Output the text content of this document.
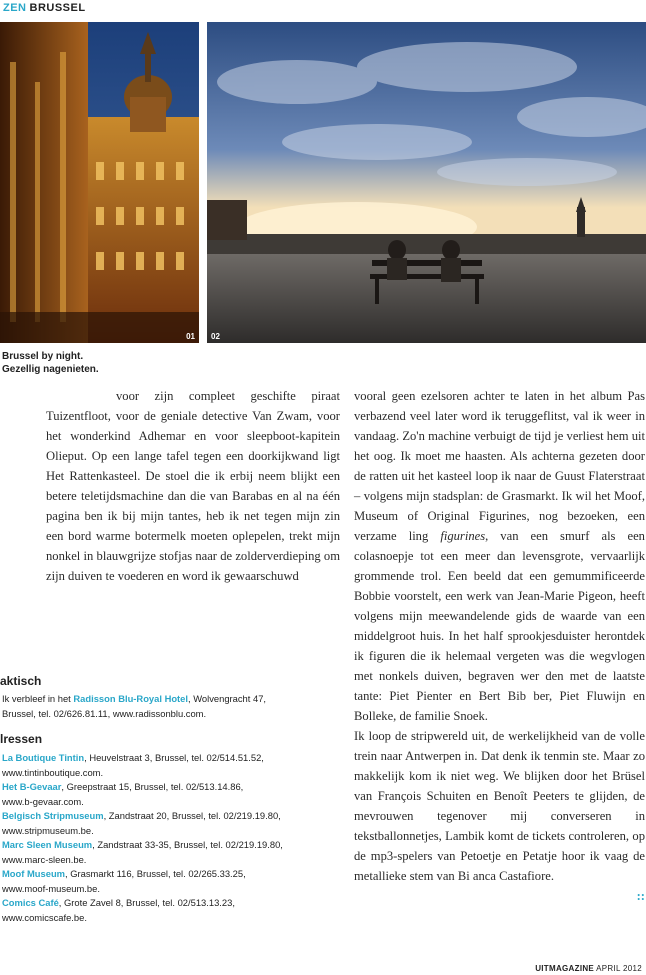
ZEN BRUSSEL
01 02
Brussel by night.
Gezellig nagenieten.

voor zijn compleet geschifte piraat Tuizentfloot, voor de geniale detective Van Zwam, voor het wonderkind Adhemar en voor sleepboot-kapitein Olieput. Op een lange tafel tegen een doorkijkwand ligt Het Rattenkasteel. De stoel die ik erbij neem blijkt een betere teletijdsmachine dan die van Barabas en al na één pagina ben ik bij mijn tantes, heb ik net tegen mijn zin een bord warme botermelk moeten oplepelen, trekt mijn nonkel in blauwgrijze stofjas naar de zolderverdieping om zijn duiven te voederen en word ik gewaarschuwd

vooral geen ezelsoren achter te laten in het album Pas verbazend veel later word ik teruggeflitst, val ik weer in vandaag. Zo'n machine verbuigt de tijd je verliest hem uit het oog. Ik moet me haasten. Als achterna gezeten door de ratten uit het kasteel loop ik naar de Guust Flaterstraat – volgens mijn stadsplan: de Grasmarkt. Ik wil het Moof, Museum of Original Figurines, nog bezoeken, een verzame ling figurines, van een smurf als een colasnoepje tot een meer dan levensgrote, vervaarlijk grommende trol. Een beeld dat een gemummificeerde Bobbie voorstelt, een werk van Jean-Marie Pigeon, heeft volgens mijn meewandelende gids de waarde van een middelgroot huis. In het half sprookjesduister herontdek ik figuren die ik helemaal vergeten was die wegvlogen met nonkels duiven, begraven wer den met de laatste tante: Piet Pienter en Bert Bib ber, Piet Fluwijn en Bolleke, de familie Snoek.

Ik loop de stripwereld uit, de werkelijkheid van de volle trein naar Antwerpen in. Dat denk ik tenmin ste. Maar zo makkelijk kom ik niet weg. We blijken door het Brüsel van François Schuiten en Benoît Peeters te glijden, de mevrouwen tegenover mij converseren in tekstballonnetjes, Lambik komt de tickets controleren, op de mp3-spelers van Petoetje en Petatje hoor ik vaag de metallieke stem van Bi anca Castafiore.

::
aktisch
Ik verbleef in het Radisson Blu-Royal Hotel, Wolvengracht 47, Brussel, tel. 02/626.81.11, www.radissonblu.com.
lressen
La Boutique Tintin, Heuvelstraat 3, Brussel, tel. 02/514.51.52,
www.tintinboutique.com.
Het B-Gevaar, Greepstraat 15, Brussel, tel. 02/513.14.86,
www.b-gevaar.com.
Belgisch Stripmuseum, Zandstraat 20, Brussel, tel. 02/219.19.80,
www.stripmuseum.be.
Marc Sleen Museum, Zandstraat 33-35, Brussel, tel. 02/219.19.80,
www.marc-sleen.be.
Moof Museum, Grasmarkt 116, Brussel, tel. 02/265.33.25,
www.moof-museum.be.
Comics Café, Grote Zavel 8, Brussel, tel. 02/513.13.23,
www.comicscafe.be.
UITMAGAZINE APRIL 2012
